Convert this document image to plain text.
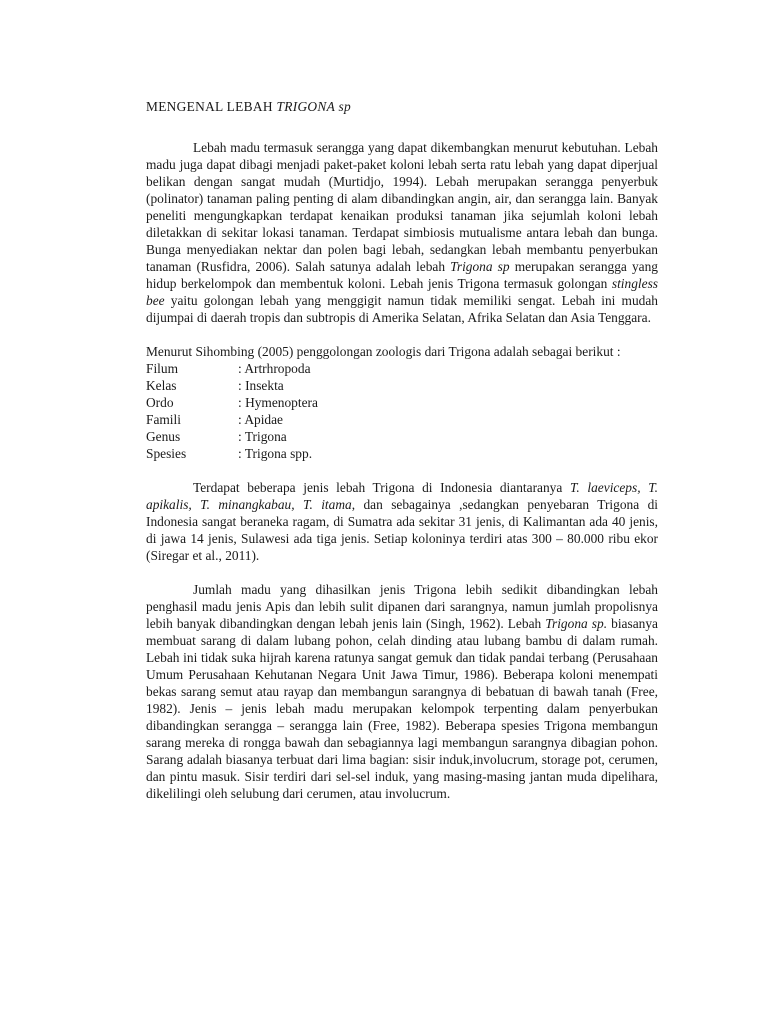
MENGENAL LEBAH TRIGONA sp

Lebah madu termasuk serangga yang dapat dikembangkan menurut kebutuhan. Lebah madu juga dapat dibagi menjadi paket-paket koloni lebah serta ratu lebah yang dapat diperjual belikan dengan sangat mudah (Murtidjo, 1994). Lebah merupakan serangga penyerbuk (polinator) tanaman paling penting di alam dibandingkan angin, air, dan serangga lain. Banyak peneliti mengungkapkan terdapat kenaikan produksi tanaman jika sejumlah koloni lebah diletakkan di sekitar lokasi tanaman. Terdapat simbiosis mutualisme antara lebah dan bunga. Bunga menyediakan nektar dan polen bagi lebah, sedangkan lebah membantu penyerbukan tanaman (Rusfidra, 2006). Salah satunya adalah lebah Trigona sp merupakan serangga yang hidup berkelompok dan membentuk koloni. Lebah jenis Trigona termasuk golongan stingless bee yaitu golongan lebah yang menggigit namun tidak memiliki sengat. Lebah ini mudah dijumpai di daerah tropis dan subtropis di Amerika Selatan, Afrika Selatan dan Asia Tenggara.

Menurut Sihombing (2005) penggolongan zoologis dari Trigona adalah sebagai berikut :

Filum	: Artrhropoda
Kelas	: Insekta
Ordo	: Hymenoptera
Famili	: Apidae
Genus	: Trigona
Spesies	: Trigona spp.

Terdapat beberapa jenis lebah Trigona di Indonesia diantaranya T. laeviceps, T. apikalis, T. minangkabau, T. itama, dan sebagainya ,sedangkan penyebaran Trigona di Indonesia sangat beraneka ragam, di Sumatra ada sekitar 31 jenis, di Kalimantan ada 40 jenis, di jawa 14 jenis, Sulawesi ada tiga jenis. Setiap koloninya terdiri atas 300 – 80.000 ribu ekor (Siregar et al., 2011).

Jumlah madu yang dihasilkan jenis Trigona lebih sedikit dibandingkan lebah penghasil madu jenis Apis dan lebih sulit dipanen dari sarangnya, namun jumlah propolisnya lebih banyak dibandingkan dengan lebah jenis lain (Singh, 1962). Lebah Trigona sp. biasanya membuat sarang di dalam lubang pohon, celah dinding atau lubang bambu di dalam rumah. Lebah ini tidak suka hijrah karena ratunya sangat gemuk dan tidak pandai terbang (Perusahaan Umum Perusahaan Kehutanan Negara Unit Jawa Timur, 1986). Beberapa koloni menempati bekas sarang semut atau rayap dan membangun sarangnya di bebatuan di bawah tanah (Free, 1982). Jenis – jenis lebah madu merupakan kelompok terpenting dalam penyerbukan dibandingkan serangga – serangga lain (Free, 1982). Beberapa spesies Trigona membangun sarang mereka di rongga bawah dan sebagiannya lagi membangun sarangnya dibagian pohon. Sarang adalah biasanya terbuat dari lima bagian: sisir induk,involucrum, storage pot, cerumen, dan pintu masuk. Sisir terdiri dari sel-sel induk, yang masing-masing jantan muda dipelihara, dikelilingi oleh selubung dari cerumen, atau involucrum.
